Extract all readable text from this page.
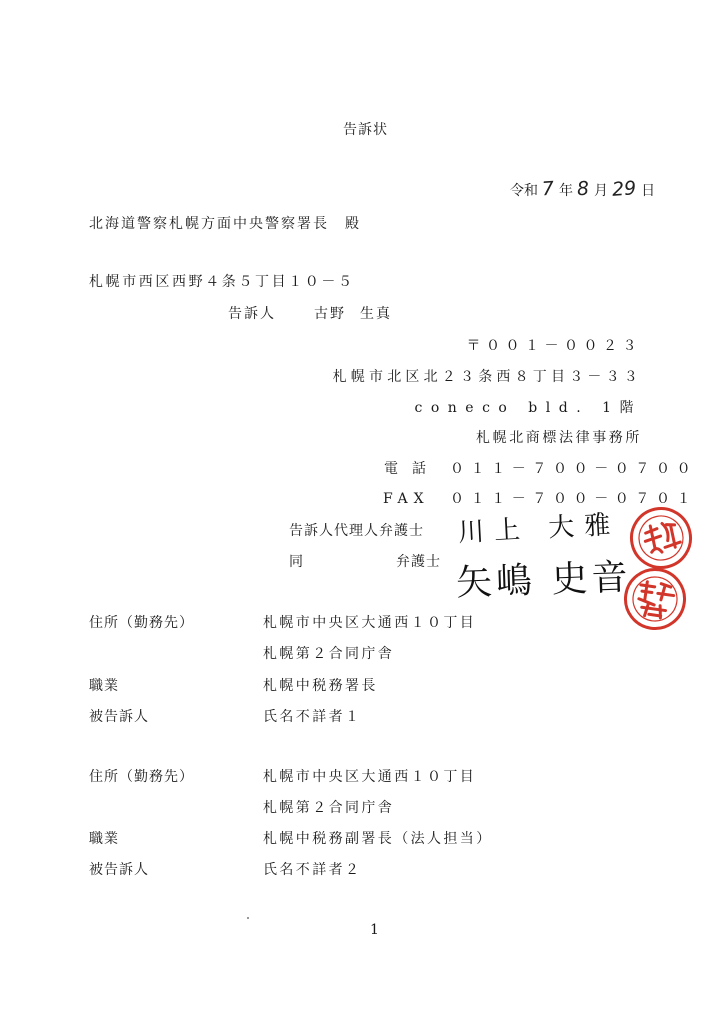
告訴状
令和 7 年 8 月 29 日
北海道警察札幌方面中央警察署長　殿
札幌市西区西野４条５丁目１０－５
告訴人	古野 生真
〒００１－００２３
札幌市北区北２３条西８丁目３－３３
coneco bld. 1階
札幌北商標法律事務所
電話 ０１１－７００－０７００
FAX ０１１－７００－０７０１
告訴人代理人弁護士 川上 大雅
同	弁護士 矢嶋 史音
住所（勤務先）	札幌市中央区大通西１０丁目
札幌第２合同庁舎
職業	札幌中税務署長
被告訴人	氏名不詳者１
住所（勤務先）	札幌市中央区大通西１０丁目
札幌第２合同庁舎
職業	札幌中税務副署長（法人担当）
被告訴人	氏名不詳者２
1
